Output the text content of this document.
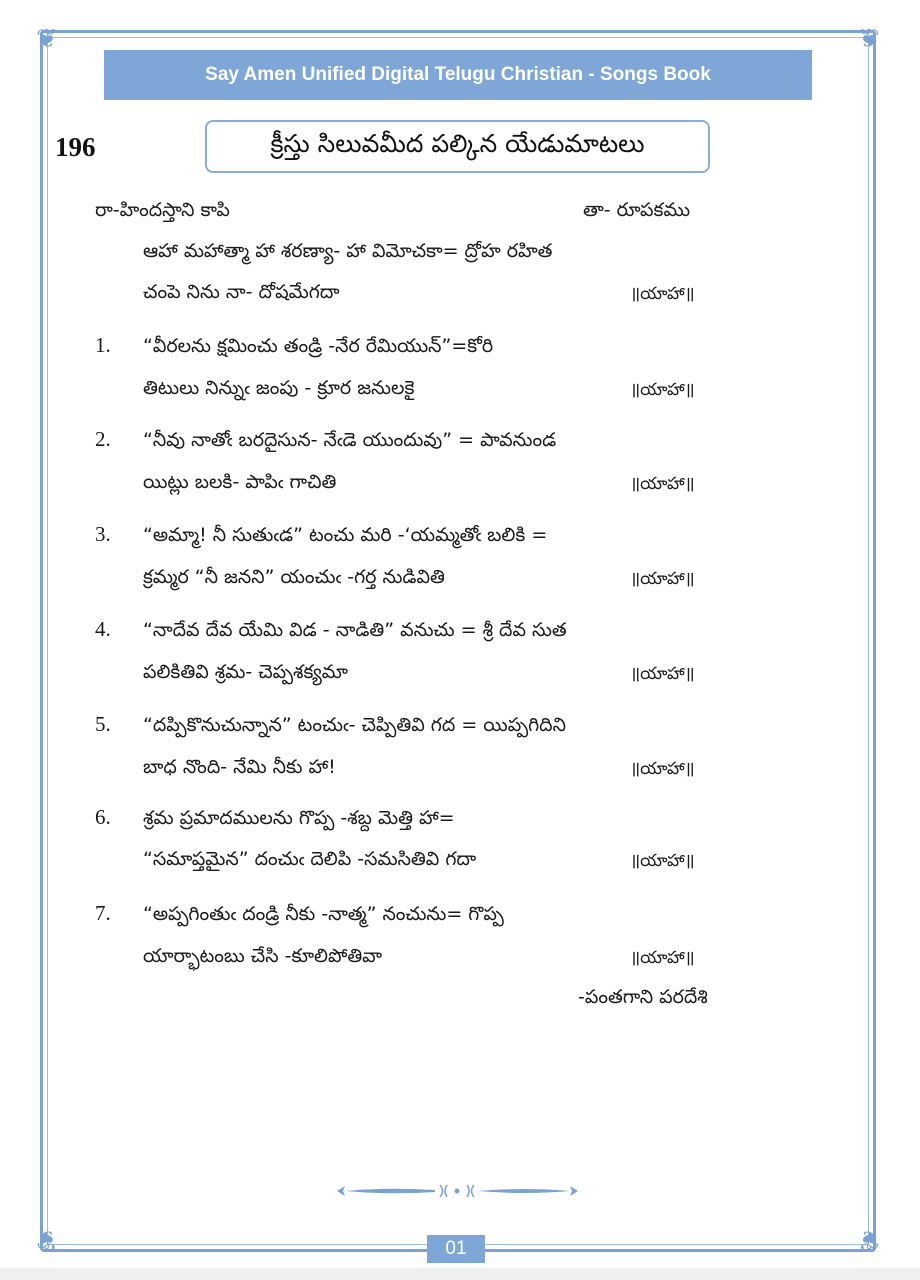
❦	❦
❦	❦
Say Amen Unified Digital Telugu Christian - Songs Book
196	క్రీస్తు సిలువమీద పల్కిన యేడుమాటలు
రా-హిందస్తాని కాపి	తా- రూపకము
ఆహా మహాత్మా హా శరణ్యా- హా విమోచకా= ద్రోహ రహిత
చంపె నిను నా- దోషమేగదా	॥యాహా॥
1. “వీరలను క్షమించు తండ్రి -నేర రేమియున్”=కోరి
తిటులు నిన్నుఁ జంపు - క్రూర జనులకై	॥యాహా॥
2. “నీవు నాతోఁ బరదైసున- నేఁడె యుందువు” = పావనుండ
యిట్లు బలకి- పాపిఁ గాచితి	॥యాహా॥
3. “అమ్మా! నీ సుతుఁడ” టంచు మరి -‘యమ్మతోఁ బలికి =
క్రమ్మర “నీ జనని” యంచుఁ -గర్త నుడివితి	॥యాహా॥
4. “నాదేవ దేవ యేమి విడ - నాడితి” వనుచు = శ్రీ దేవ సుత
పలికితివి శ్రమ- చెప్పశక్యమా	॥యాహా॥
5. “దప్పికొనుచున్నాన” టంచుఁ- చెప్పితివి గద = యిప్పగిదిని
బాధ నొంది- నేమి నీకు హా!	॥యాహా॥
6. శ్రమ ప్రమాదములను గొప్ప -శబ్ద మెత్తి హా=
“సమాప్తమైన” దంచుఁ దెలిపి -సమసితివి గదా	॥యాహా॥
7. “అప్పగింతుఁ దండ్రి నీకు -నాత్మ” నంచును= గొప్ప
యార్భాటంబు చేసి -కూలిపోతివా	॥యాహా॥
-పంతగాని పరదేశి
01
